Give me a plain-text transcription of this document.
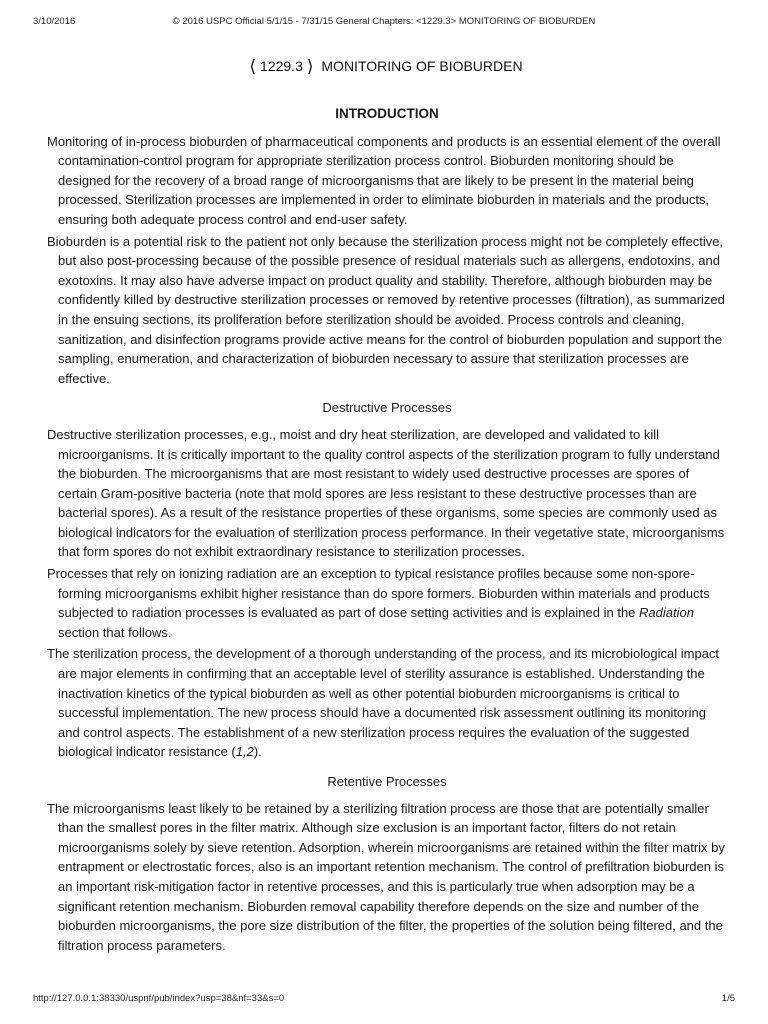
3/10/2016	© 2016 USPC Official 5/1/15 - 7/31/15 General Chapters: <1229.3> MONITORING OF BIOBURDEN
⟨ 1229.3 ⟩ MONITORING OF BIOBURDEN
INTRODUCTION

Monitoring of in-process bioburden of pharmaceutical components and products is an essential element of the overall contamination-control program for appropriate sterilization process control. Bioburden monitoring should be designed for the recovery of a broad range of microorganisms that are likely to be present in the material being processed. Sterilization processes are implemented in order to eliminate bioburden in materials and the products, ensuring both adequate process control and end-user safety.

Bioburden is a potential risk to the patient not only because the sterilization process might not be completely effective, but also post-processing because of the possible presence of residual materials such as allergens, endotoxins, and exotoxins. It may also have adverse impact on product quality and stability. Therefore, although bioburden may be confidently killed by destructive sterilization processes or removed by retentive processes (filtration), as summarized in the ensuing sections, its proliferation before sterilization should be avoided. Process controls and cleaning, sanitization, and disinfection programs provide active means for the control of bioburden population and support the sampling, enumeration, and characterization of bioburden necessary to assure that sterilization processes are effective.

Destructive Processes

Destructive sterilization processes, e.g., moist and dry heat sterilization, are developed and validated to kill microorganisms. It is critically important to the quality control aspects of the sterilization program to fully understand the bioburden. The microorganisms that are most resistant to widely used destructive processes are spores of certain Gram-positive bacteria (note that mold spores are less resistant to these destructive processes than are bacterial spores). As a result of the resistance properties of these organisms, some species are commonly used as biological indicators for the evaluation of sterilization process performance. In their vegetative state, microorganisms that form spores do not exhibit extraordinary resistance to sterilization processes.

Processes that rely on ionizing radiation are an exception to typical resistance profiles because some non-spore-forming microorganisms exhibit higher resistance than do spore formers. Bioburden within materials and products subjected to radiation processes is evaluated as part of dose setting activities and is explained in the Radiation section that follows.

The sterilization process, the development of a thorough understanding of the process, and its microbiological impact are major elements in confirming that an acceptable level of sterility assurance is established. Understanding the inactivation kinetics of the typical bioburden as well as other potential bioburden microorganisms is critical to successful implementation. The new process should have a documented risk assessment outlining its monitoring and control aspects. The establishment of a new sterilization process requires the evaluation of the suggested biological indicator resistance (1,2).

Retentive Processes

The microorganisms least likely to be retained by a sterilizing filtration process are those that are potentially smaller than the smallest pores in the filter matrix. Although size exclusion is an important factor, filters do not retain microorganisms solely by sieve retention. Adsorption, wherein microorganisms are retained within the filter matrix by entrapment or electrostatic forces, also is an important retention mechanism. The control of prefiltration bioburden is an important risk-mitigation factor in retentive processes, and this is particularly true when adsorption may be a significant retention mechanism. Bioburden removal capability therefore depends on the size and number of the bioburden microorganisms, the pore size distribution of the filter, the properties of the solution being filtered, and the filtration process parameters.

http://127.0.0.1:38330/uspnf/pub/index?usp=38&nf=33&s=0	1/5
